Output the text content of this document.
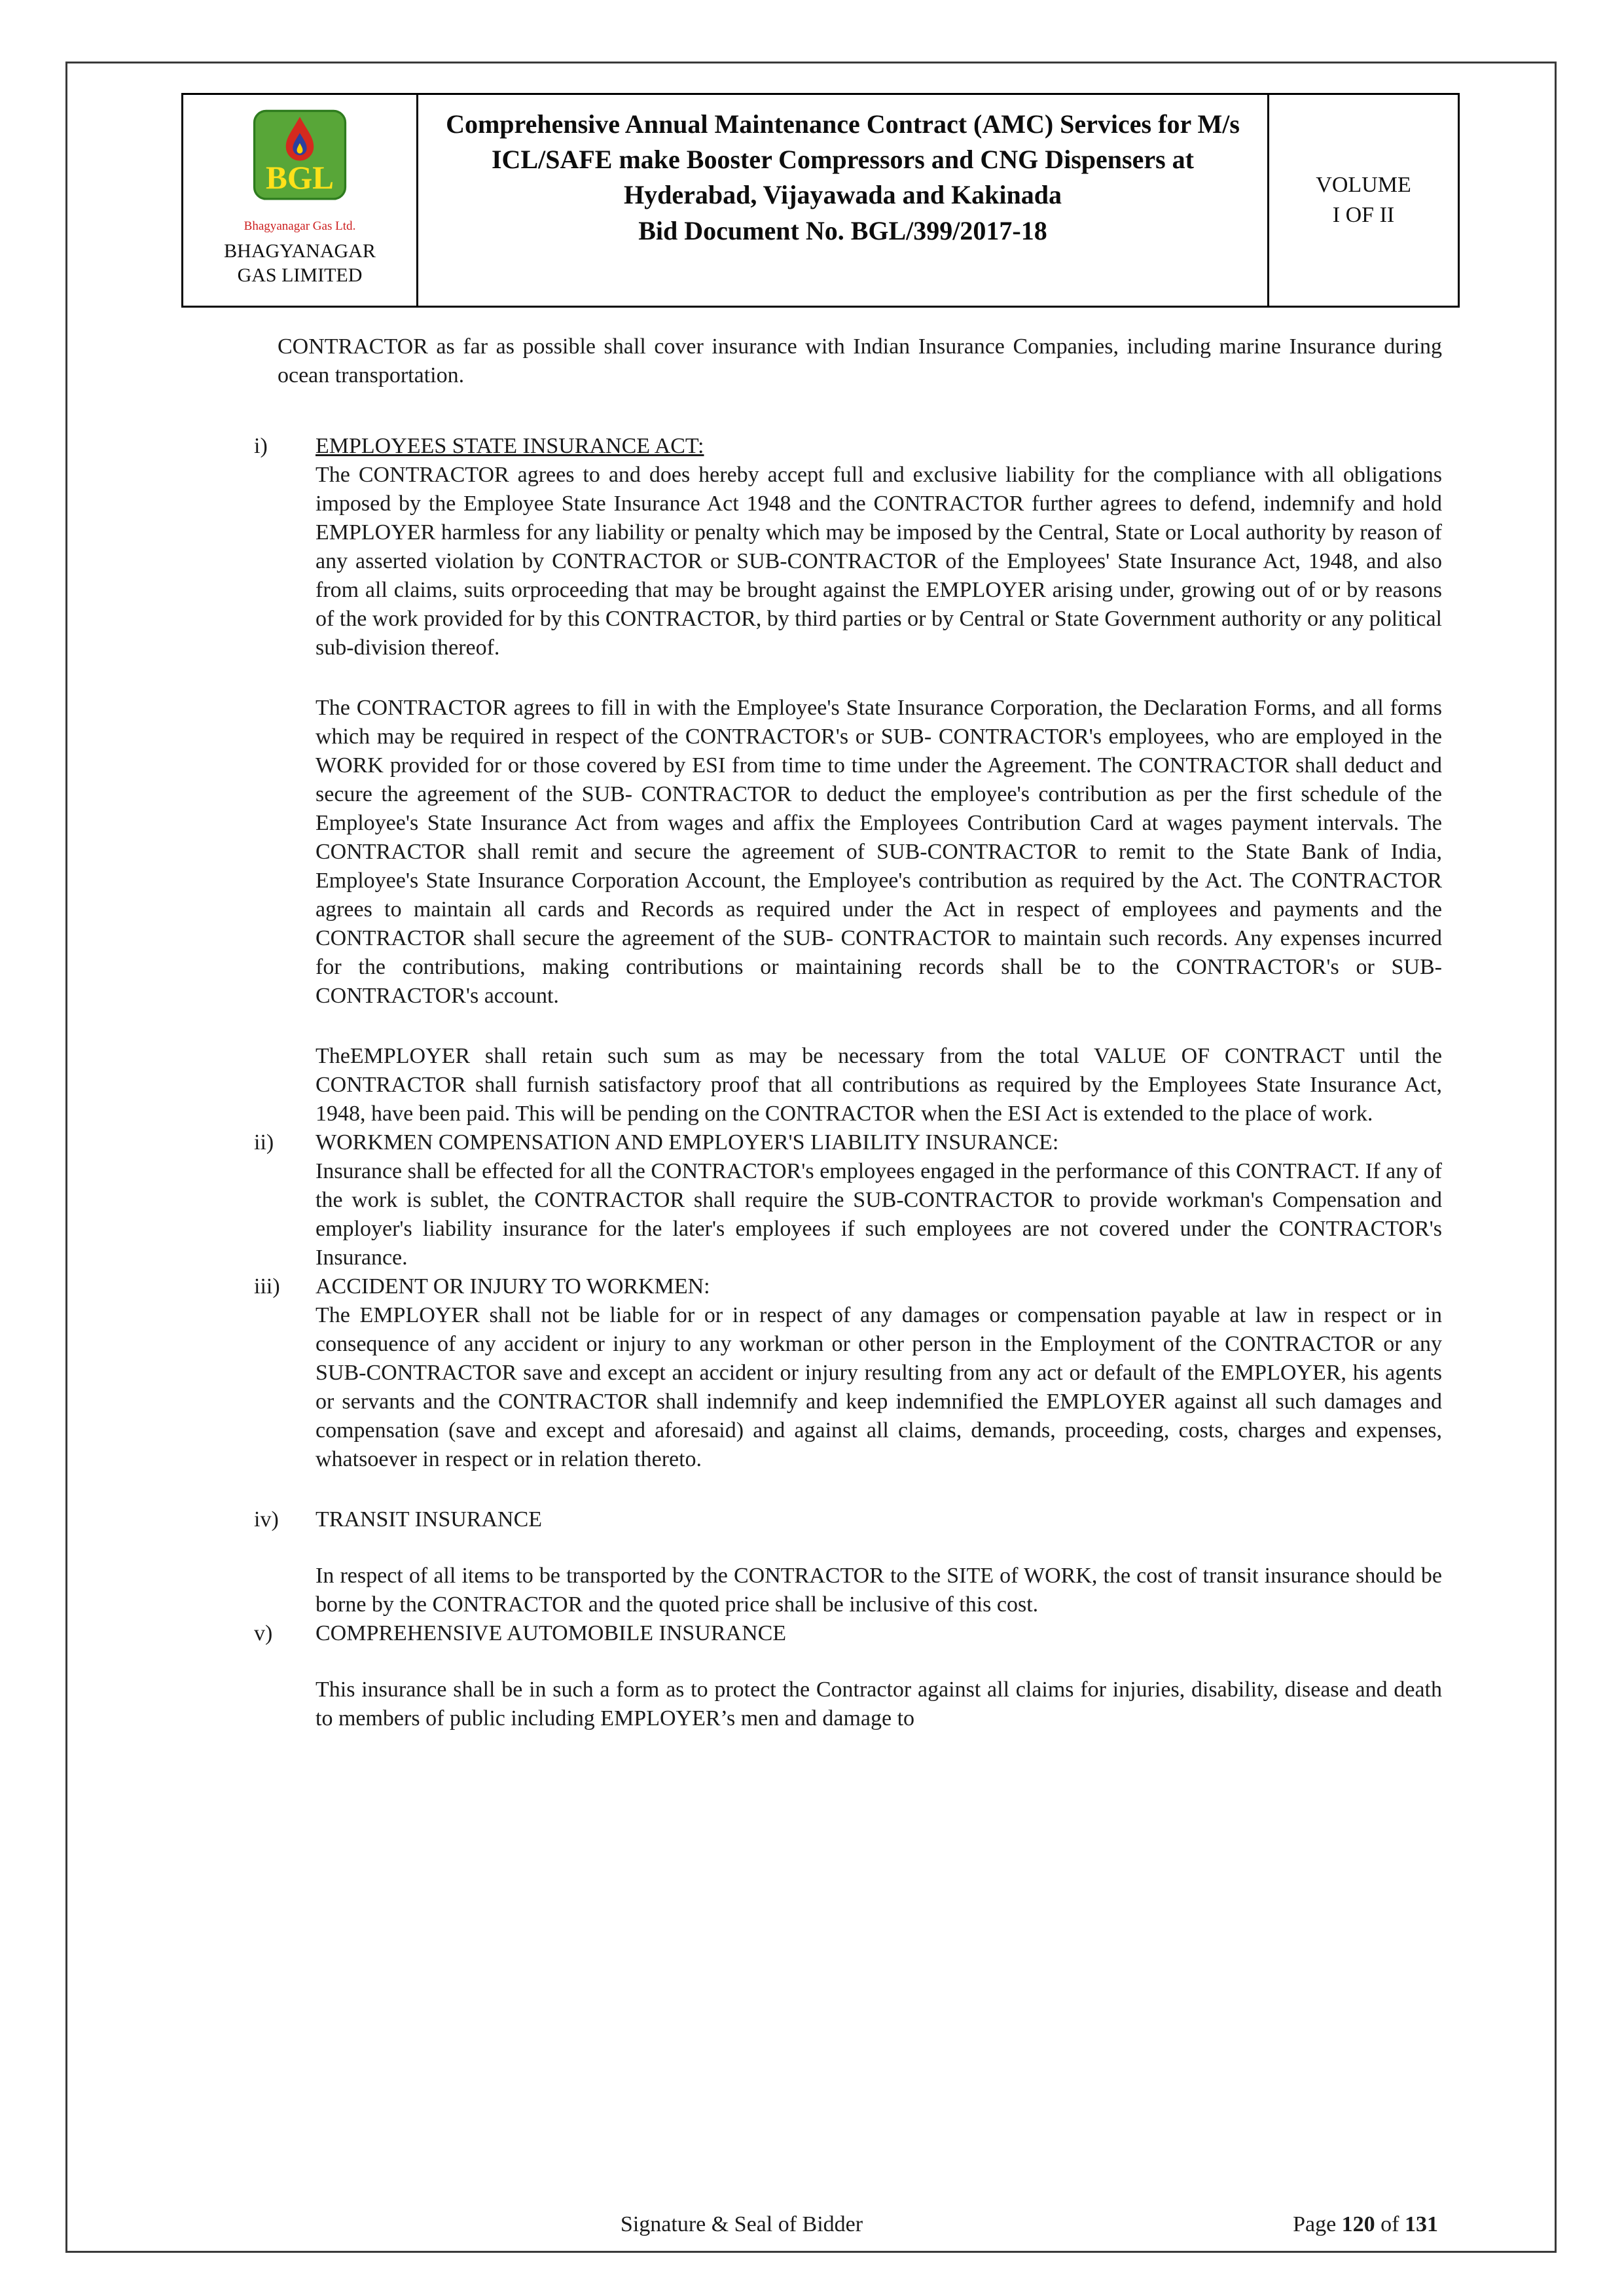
BGL
Bhagyanagar Gas Ltd.
BHAGYANAGAR
GAS LIMITED
Comprehensive Annual Maintenance Contract (AMC) Services for M/s ICL/SAFE make Booster Compressors and CNG Dispensers at Hyderabad, Vijayawada and Kakinada
Bid Document No. BGL/399/2017-18
VOLUME
I OF II

CONTRACTOR as far as possible shall cover insurance with Indian Insurance Companies, including marine Insurance during ocean transportation.

i)	EMPLOYEES STATE INSURANCE ACT:

The CONTRACTOR agrees to and does hereby accept full and exclusive liability for the compliance with all obligations imposed by the Employee State Insurance Act 1948 and the CONTRACTOR further agrees to defend, indemnify and hold EMPLOYER harmless for any liability or penalty which may be imposed by the Central, State or Local authority by reason of any asserted violation by CONTRACTOR or SUB-CONTRACTOR of the Employees' State Insurance Act, 1948, and also from all claims, suits orproceeding that may be brought against the EMPLOYER arising under, growing out of or by reasons of the work provided for by this CONTRACTOR, by third parties or by Central or State Government authority or any political sub-division thereof.

The CONTRACTOR agrees to fill in with the Employee's State Insurance Corporation, the Declaration Forms, and all forms which may be required in respect of the CONTRACTOR's or SUB- CONTRACTOR's employees, who are employed in the WORK provided for or those covered by ESI from time to time under the Agreement. The CONTRACTOR shall deduct and secure the agreement of the SUB- CONTRACTOR to deduct the employee's contribution as per the first schedule of the Employee's State Insurance Act from wages and affix the Employees Contribution Card at wages payment intervals. The CONTRACTOR shall remit and secure the agreement of SUB-CONTRACTOR to remit to the State Bank of India, Employee's State Insurance Corporation Account, the Employee's contribution as required by the Act. The CONTRACTOR agrees to maintain all cards and Records as required under the Act in respect of employees and payments and the CONTRACTOR shall secure the agreement of the SUB- CONTRACTOR to maintain such records. Any expenses incurred for the contributions, making contributions or maintaining records shall be to the CONTRACTOR's or SUB-CONTRACTOR's account.

TheEMPLOYER shall retain such sum as may be necessary from the total VALUE OF CONTRACT until the CONTRACTOR shall furnish satisfactory proof that all contributions as required by the Employees State Insurance Act, 1948, have been paid. This will be pending on the CONTRACTOR when the ESI Act is extended to the place of work.

ii)	WORKMEN COMPENSATION AND EMPLOYER'S LIABILITY INSURANCE:

Insurance shall be effected for all the CONTRACTOR's employees engaged in the performance of this CONTRACT. If any of the work is sublet, the CONTRACTOR shall require the SUB-CONTRACTOR to provide workman's Compensation and employer's liability insurance for the later's employees if such employees are not covered under the CONTRACTOR's Insurance.

iii)	ACCIDENT OR INJURY TO WORKMEN:

The EMPLOYER shall not be liable for or in respect of any damages or compensation payable at law in respect or in consequence of any accident or injury to any workman or other person in the Employment of the CONTRACTOR or any SUB-CONTRACTOR save and except an accident or injury resulting from any act or default of the EMPLOYER, his agents or servants and the CONTRACTOR shall indemnify and keep indemnified the EMPLOYER against all such damages and compensation (save and except and aforesaid) and against all claims, demands, proceeding, costs, charges and expenses, whatsoever in respect or in relation thereto.

iv)	TRANSIT INSURANCE

In respect of all items to be transported by the CONTRACTOR to the SITE of WORK, the cost of transit insurance should be borne by the CONTRACTOR and the quoted price shall be inclusive of this cost.

v)	COMPREHENSIVE AUTOMOBILE INSURANCE

This insurance shall be in such a form as to protect the Contractor against all claims for injuries, disability, disease and death to members of public including EMPLOYER’s men and damage to

Signature & Seal of Bidder	Page 120 of 131
